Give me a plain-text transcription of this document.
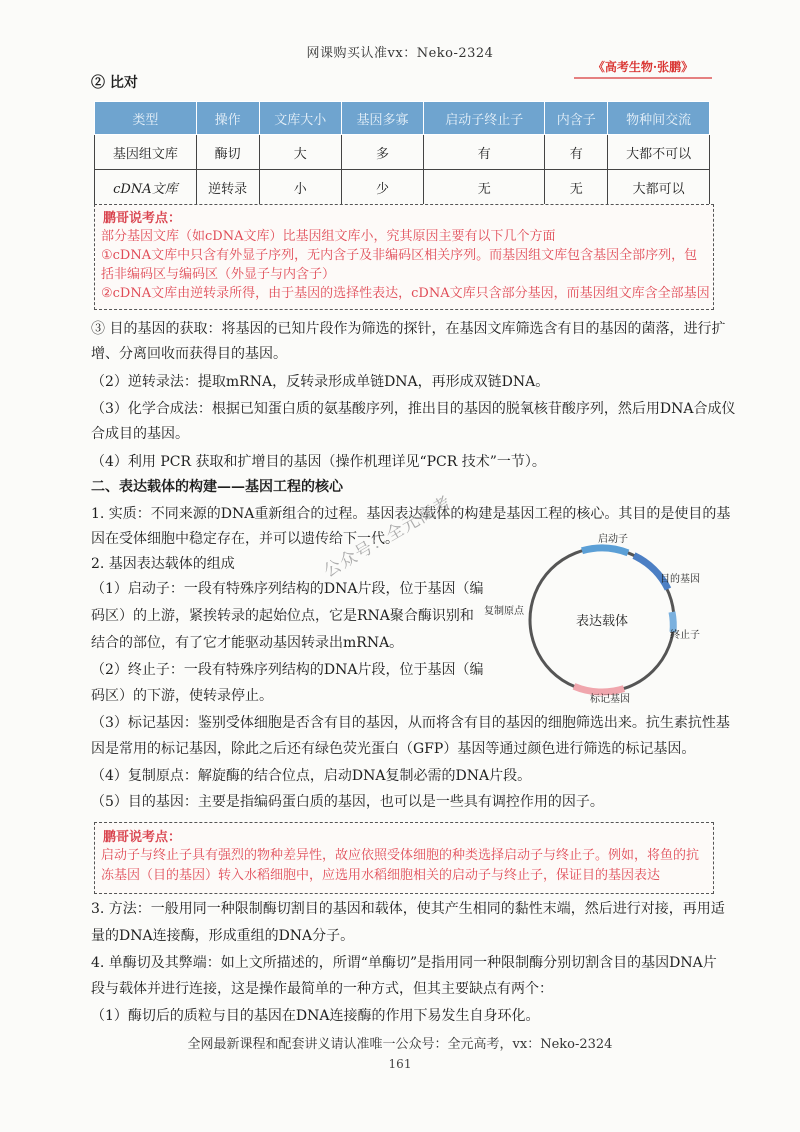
网课购买认准vx：Neko-2324
《高考生物·张鹏》
② 比对
类型	操作	文库大小	基因多寡	启动子终止子	内含子	物种间交流
基因组文库	酶切	大	多	有	有	大都不可以
cDNA文库	逆转录	小	少	无	无	大都可以
鹏哥说考点：
部分基因文库（如cDNA文库）比基因组文库小，究其原因主要有以下几个方面
①cDNA文库中只含有外显子序列，无内含子及非编码区相关序列。而基因组文库包含基因全部序列，包
括非编码区与编码区（外显子与内含子）
②cDNA文库由逆转录所得，由于基因的选择性表达，cDNA文库只含部分基因，而基因组文库含全部基因
③ 目的基因的获取：将基因的已知片段作为筛选的探针，在基因文库筛选含有目的基因的菌落，进行扩
增、分离回收而获得目的基因。
（2）逆转录法：提取mRNA，反转录形成单链DNA，再形成双链DNA。
（3）化学合成法：根据已知蛋白质的氨基酸序列，推出目的基因的脱氧核苷酸序列，然后用DNA合成仪
合成目的基因。
（4）利用 PCR 获取和扩增目的基因（操作机理详见“PCR 技术”一节）。
二、表达载体的构建——基因工程的核心
1. 实质：不同来源的DNA重新组合的过程。基因表达载体的构建是基因工程的核心。其目的是使目的基
因在受体细胞中稳定存在，并可以遗传给下一代。
2. 基因表达载体的组成
（1）启动子：一段有特殊序列结构的DNA片段，位于基因（编
码区）的上游，紧挨转录的起始位点，它是RNA聚合酶识别和
结合的部位，有了它才能驱动基因转录出mRNA。
（2）终止子：一段有特殊序列结构的DNA片段，位于基因（编
码区）的下游，使转录停止。
（3）标记基因：鉴别受体细胞是否含有目的基因，从而将含有目的基因的细胞筛选出来。抗生素抗性基
因是常用的标记基因，除此之后还有绿色荧光蛋白（GFP）基因等通过颜色进行筛选的标记基因。
（4）复制原点：解旋酶的结合位点，启动DNA复制必需的DNA片段。
（5）目的基因：主要是指编码蛋白质的基因，也可以是一些具有调控作用的因子。
表达载体
启动子
目的基因
终止子
标记基因
复制原点
鹏哥说考点：
启动子与终止子具有强烈的物种差异性，故应依照受体细胞的种类选择启动子与终止子。例如，将鱼的抗
冻基因（目的基因）转入水稻细胞中，应选用水稻细胞相关的启动子与终止子，保证目的基因表达
3. 方法：一般用同一种限制酶切割目的基因和载体，使其产生相同的黏性末端，然后进行对接，再用适
量的DNA连接酶，形成重组的DNA分子。
4. 单酶切及其弊端：如上文所描述的，所谓“单酶切”是指用同一种限制酶分别切割含目的基因DNA片
段与载体并进行连接，这是操作最简单的一种方式，但其主要缺点有两个：
（1）酶切后的质粒与目的基因在DNA连接酶的作用下易发生自身环化。
公众号：全元高考
全网最新课程和配套讲义请认准唯一公众号：全元高考，vx：Neko-2324
161
